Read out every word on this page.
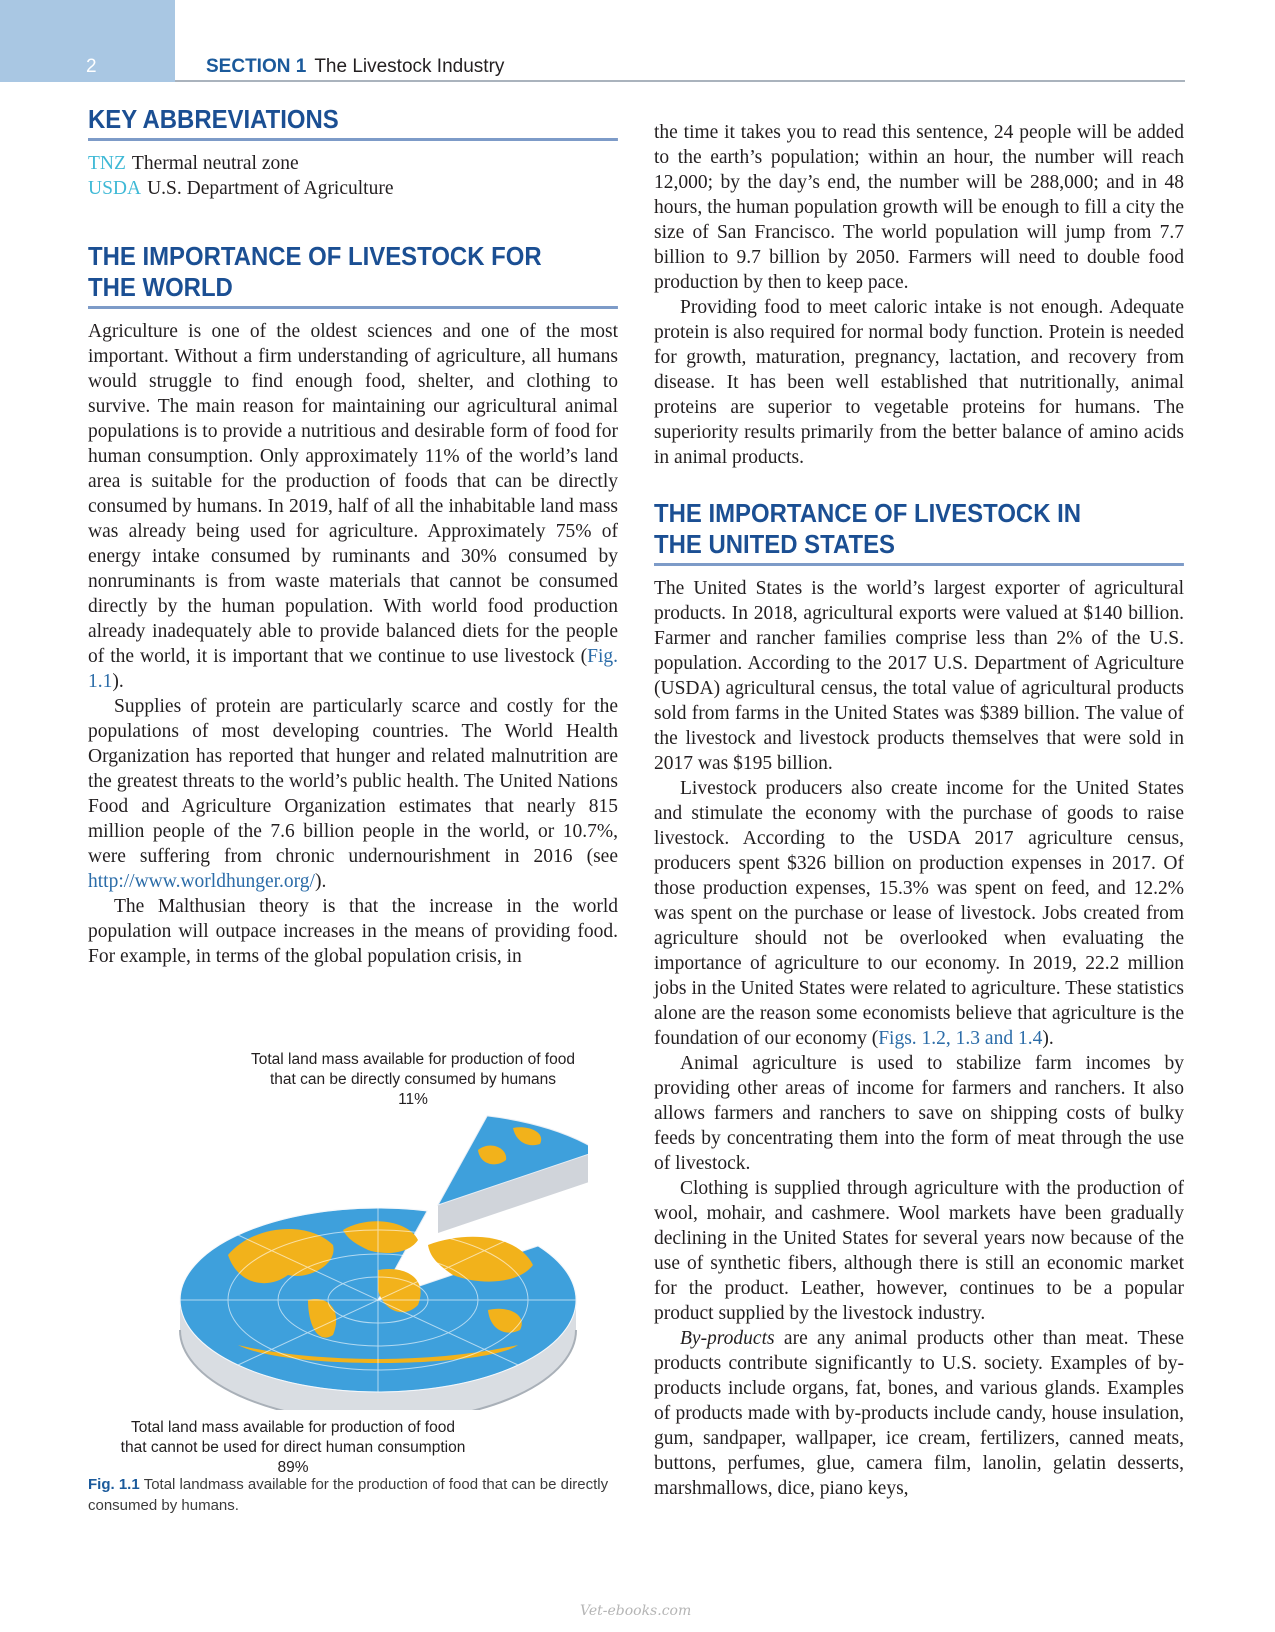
2	SECTION 1 The Livestock Industry
KEY ABBREVIATIONS
TNZ Thermal neutral zone
USDA U.S. Department of Agriculture
THE IMPORTANCE OF LIVESTOCK FOR
THE WORLD

Agriculture is one of the oldest sciences and one of the most important. Without a firm understanding of agriculture, all humans would struggle to find enough food, shelter, and clothing to survive. The main reason for maintaining our agricultural animal populations is to provide a nutritious and desirable form of food for human consumption. Only approximately 11% of the world’s land area is suitable for the production of foods that can be directly consumed by humans. In 2019, half of all the inhabitable land mass was already being used for agriculture. Approximately 75% of energy intake consumed by ruminants and 30% consumed by nonruminants is from waste materials that cannot be consumed directly by the human population. With world food production already inadequately able to provide balanced diets for the people of the world, it is important that we continue to use livestock (Fig. 1.1).

Supplies of protein are particularly scarce and costly for the populations of most developing countries. The World Health Organization has reported that hunger and related malnutrition are the greatest threats to the world’s public health. The United Nations Food and Agriculture Organization estimates that nearly 815 million people of the 7.6 billion people in the world, or 10.7%, were suffering from chronic undernourishment in 2016 (see http://www.worldhunger.org/).

The Malthusian theory is that the increase in the world population will outpace increases in the means of providing food. For example, in terms of the global population crisis, in

Total land mass available for production of food
that can be directly consumed by humans
11%
Total land mass available for production of food
that cannot be used for direct human consumption
89%
Fig. 1.1 Total landmass available for the production of food that can be directly consumed by humans.

the time it takes you to read this sentence, 24 people will be added to the earth’s population; within an hour, the number will reach 12,000; by the day’s end, the number will be 288,000; and in 48 hours, the human population growth will be enough to fill a city the size of San Francisco. The world population will jump from 7.7 billion to 9.7 billion by 2050. Farmers will need to double food production by then to keep pace.

Providing food to meet caloric intake is not enough. Adequate protein is also required for normal body function. Protein is needed for growth, maturation, pregnancy, lactation, and recovery from disease. It has been well established that nutritionally, animal proteins are superior to vegetable proteins for humans. The superiority results primarily from the better balance of amino acids in animal products.

THE IMPORTANCE OF LIVESTOCK IN
THE UNITED STATES

The United States is the world’s largest exporter of agricultural products. In 2018, agricultural exports were valued at $140 billion. Farmer and rancher families comprise less than 2% of the U.S. population. According to the 2017 U.S. Department of Agriculture (USDA) agricultural census, the total value of agricultural products sold from farms in the United States was $389 billion. The value of the livestock and livestock products themselves that were sold in 2017 was $195 billion.

Livestock producers also create income for the United States and stimulate the economy with the purchase of goods to raise livestock. According to the USDA 2017 agriculture census, producers spent $326 billion on production expenses in 2017. Of those production expenses, 15.3% was spent on feed, and 12.2% was spent on the purchase or lease of livestock. Jobs created from agriculture should not be overlooked when evaluating the importance of agriculture to our economy. In 2019, 22.2 million jobs in the United States were related to agriculture. These statistics alone are the reason some economists believe that agriculture is the foundation of our economy (Figs. 1.2, 1.3 and 1.4).

Animal agriculture is used to stabilize farm incomes by providing other areas of income for farmers and ranchers. It also allows farmers and ranchers to save on shipping costs of bulky feeds by concentrating them into the form of meat through the use of livestock.

Clothing is supplied through agriculture with the production of wool, mohair, and cashmere. Wool markets have been gradually declining in the United States for several years now because of the use of synthetic fibers, although there is still an economic market for the product. Leather, however, continues to be a popular product supplied by the livestock industry.

By-products are any animal products other than meat. These products contribute significantly to U.S. society. Examples of by-products include organs, fat, bones, and various glands. Examples of products made with by-products include candy, house insulation, gum, sandpaper, wallpaper, ice cream, fertilizers, canned meats, buttons, perfumes, glue, camera film, lanolin, gelatin desserts, marshmallows, dice, piano keys,

Vet-ebooks.com
